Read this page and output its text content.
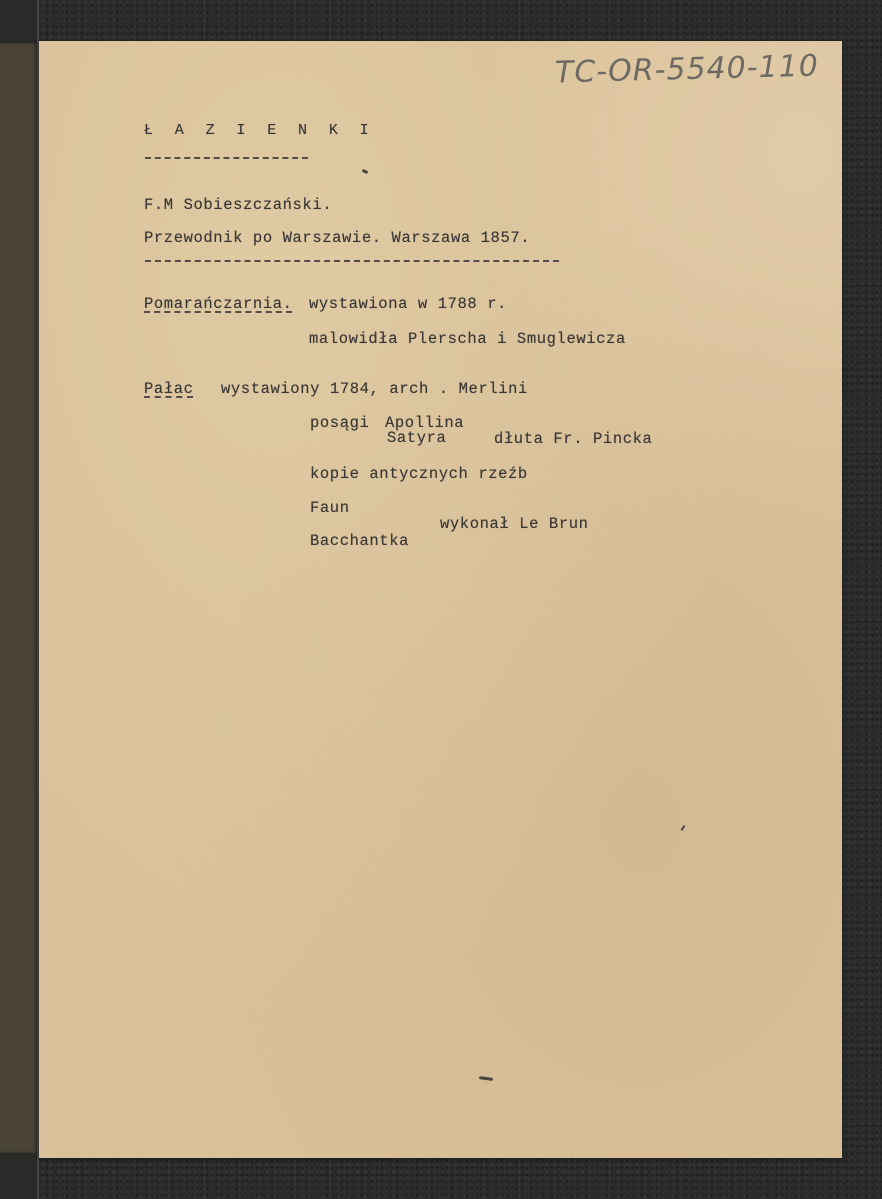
TC-OR-5540-110
Ł A Z I E N K I
F.M Sobieszczański.
Przewodnik po Warszawie. Warszawa 1857.
Pomarańczarnia. wystawiona w 1788 r.
malowidła Plerscha i Smuglewicza
Pałac wystawiony 1784, arch . Merlini
posągi Apollina
Satyra	dłuta Fr. Pincka
kopie antycznych rzeźb
Faun
Bacchantka
wykonał Le Brun
